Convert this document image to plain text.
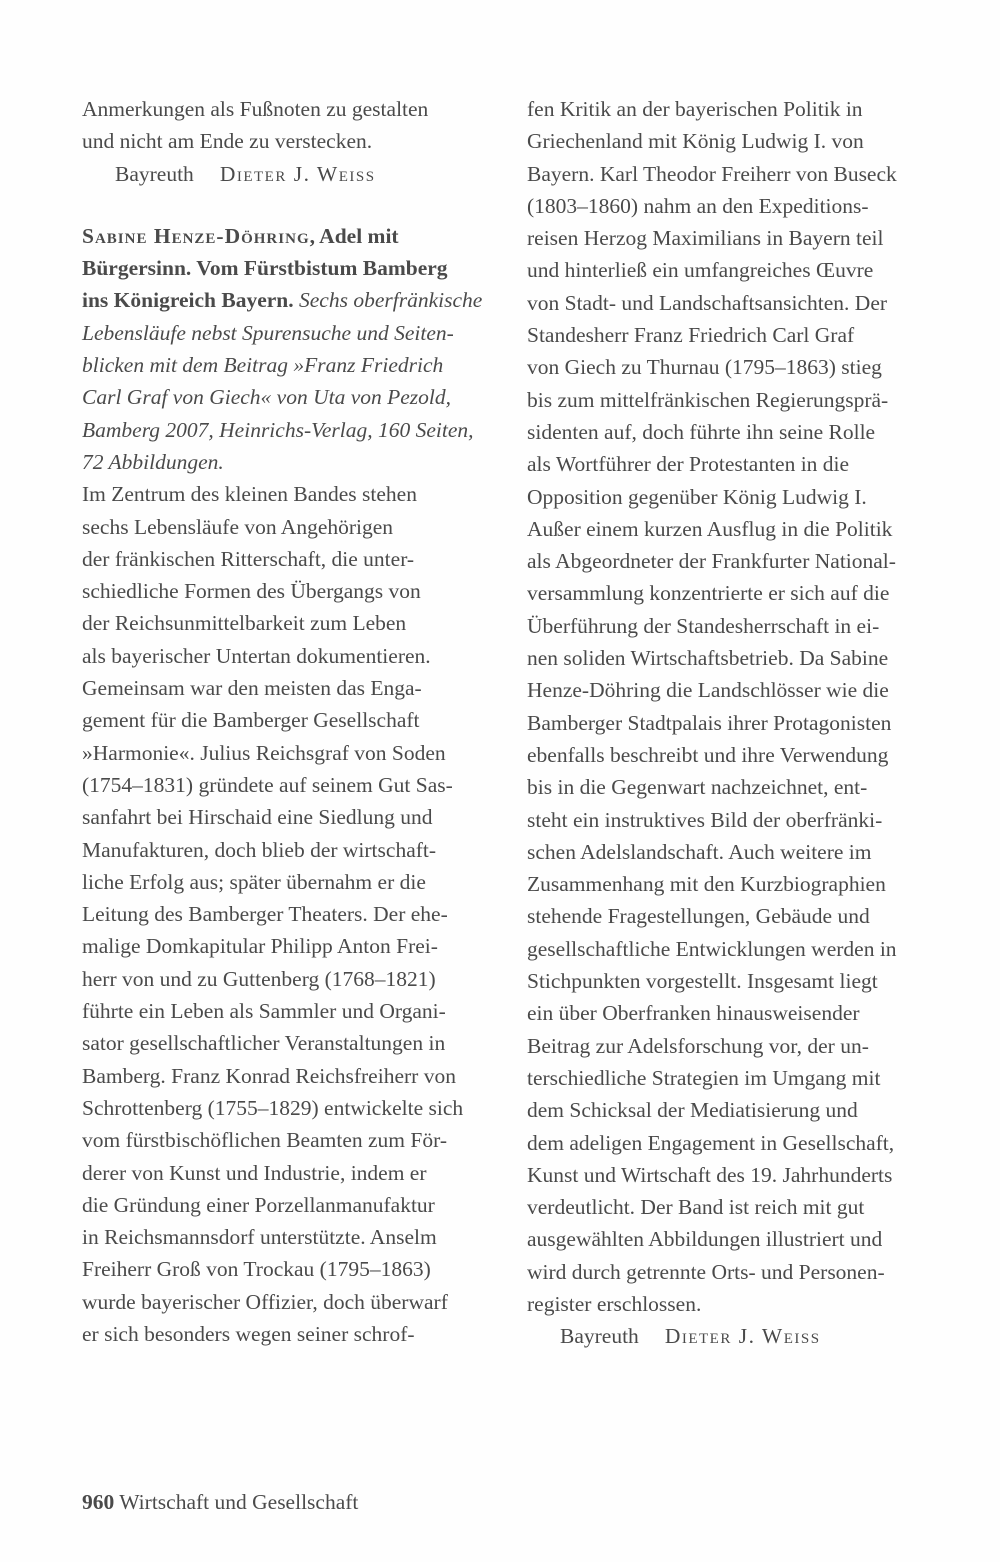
Anmerkungen als Fußnoten zu gestalten
und nicht am Ende zu verstecken.
Bayreuth Dieter J. Weiss
Sabine Henze-Döhring, Adel mit
Bürgersinn. Vom Fürstbistum Bamberg
ins Königreich Bayern. Sechs oberfränkische
Lebensläufe nebst Spurensuche und Seiten-
blicken mit dem Beitrag »Franz Friedrich
Carl Graf von Giech« von Uta von Pezold,
Bamberg 2007, Heinrichs-Verlag, 160 Seiten,
72 Abbildungen.
Im Zentrum des kleinen Bandes stehen
sechs Lebensläufe von Angehörigen
der fränkischen Ritterschaft, die unter-
schiedliche Formen des Übergangs von
der Reichsunmittelbarkeit zum Leben
als bayerischer Untertan dokumentieren.
Gemeinsam war den meisten das Enga-
gement für die Bamberger Gesellschaft
»Harmonie«. Julius Reichsgraf von Soden
(1754–1831) gründete auf seinem Gut Sas-
sanfahrt bei Hirschaid eine Siedlung und
Manufakturen, doch blieb der wirtschaft-
liche Erfolg aus; später übernahm er die
Leitung des Bamberger Theaters. Der ehe-
malige Domkapitular Philipp Anton Frei-
herr von und zu Guttenberg (1768–1821)
führte ein Leben als Sammler und Organi-
sator gesellschaftlicher Veranstaltungen in
Bamberg. Franz Konrad Reichsfreiherr von
Schrottenberg (1755–1829) entwickelte sich
vom fürstbischöflichen Beamten zum För-
derer von Kunst und Industrie, indem er
die Gründung einer Porzellanmanufaktur
in Reichsmannsdorf unterstützte. Anselm
Freiherr Groß von Trockau (1795–1863)
wurde bayerischer Offizier, doch überwarf
er sich besonders wegen seiner schrof-
fen Kritik an der bayerischen Politik in
Griechenland mit König Ludwig I. von
Bayern. Karl Theodor Freiherr von Buseck
(1803–1860) nahm an den Expeditions-
reisen Herzog Maximilians in Bayern teil
und hinterließ ein umfangreiches Œuvre
von Stadt- und Landschaftsansichten. Der
Standesherr Franz Friedrich Carl Graf
von Giech zu Thurnau (1795–1863) stieg
bis zum mittelfränkischen Regierungsprä-
sidenten auf, doch führte ihn seine Rolle
als Wortführer der Protestanten in die
Opposition gegenüber König Ludwig I.
Außer einem kurzen Ausflug in die Politik
als Abgeordneter der Frankfurter National-
versammlung konzentrierte er sich auf die
Überführung der Standesherrschaft in ei-
nen soliden Wirtschaftsbetrieb. Da Sabine
Henze-Döhring die Landschlösser wie die
Bamberger Stadtpalais ihrer Protagonisten
ebenfalls beschreibt und ihre Verwendung
bis in die Gegenwart nachzeichnet, ent-
steht ein instruktives Bild der oberfränki-
schen Adelslandschaft. Auch weitere im
Zusammenhang mit den Kurzbiographien
stehende Fragestellungen, Gebäude und
gesellschaftliche Entwicklungen werden in
Stichpunkten vorgestellt. Insgesamt liegt
ein über Oberfranken hinausweisender
Beitrag zur Adelsforschung vor, der un-
terschiedliche Strategien im Umgang mit
dem Schicksal der Mediatisierung und
dem adeligen Engagement in Gesellschaft,
Kunst und Wirtschaft des 19. Jahrhunderts
verdeutlicht. Der Band ist reich mit gut
ausgewählten Abbildungen illustriert und
wird durch getrennte Orts- und Personen-
register erschlossen.
Bayreuth Dieter J. Weiss
960 Wirtschaft und Gesellschaft
